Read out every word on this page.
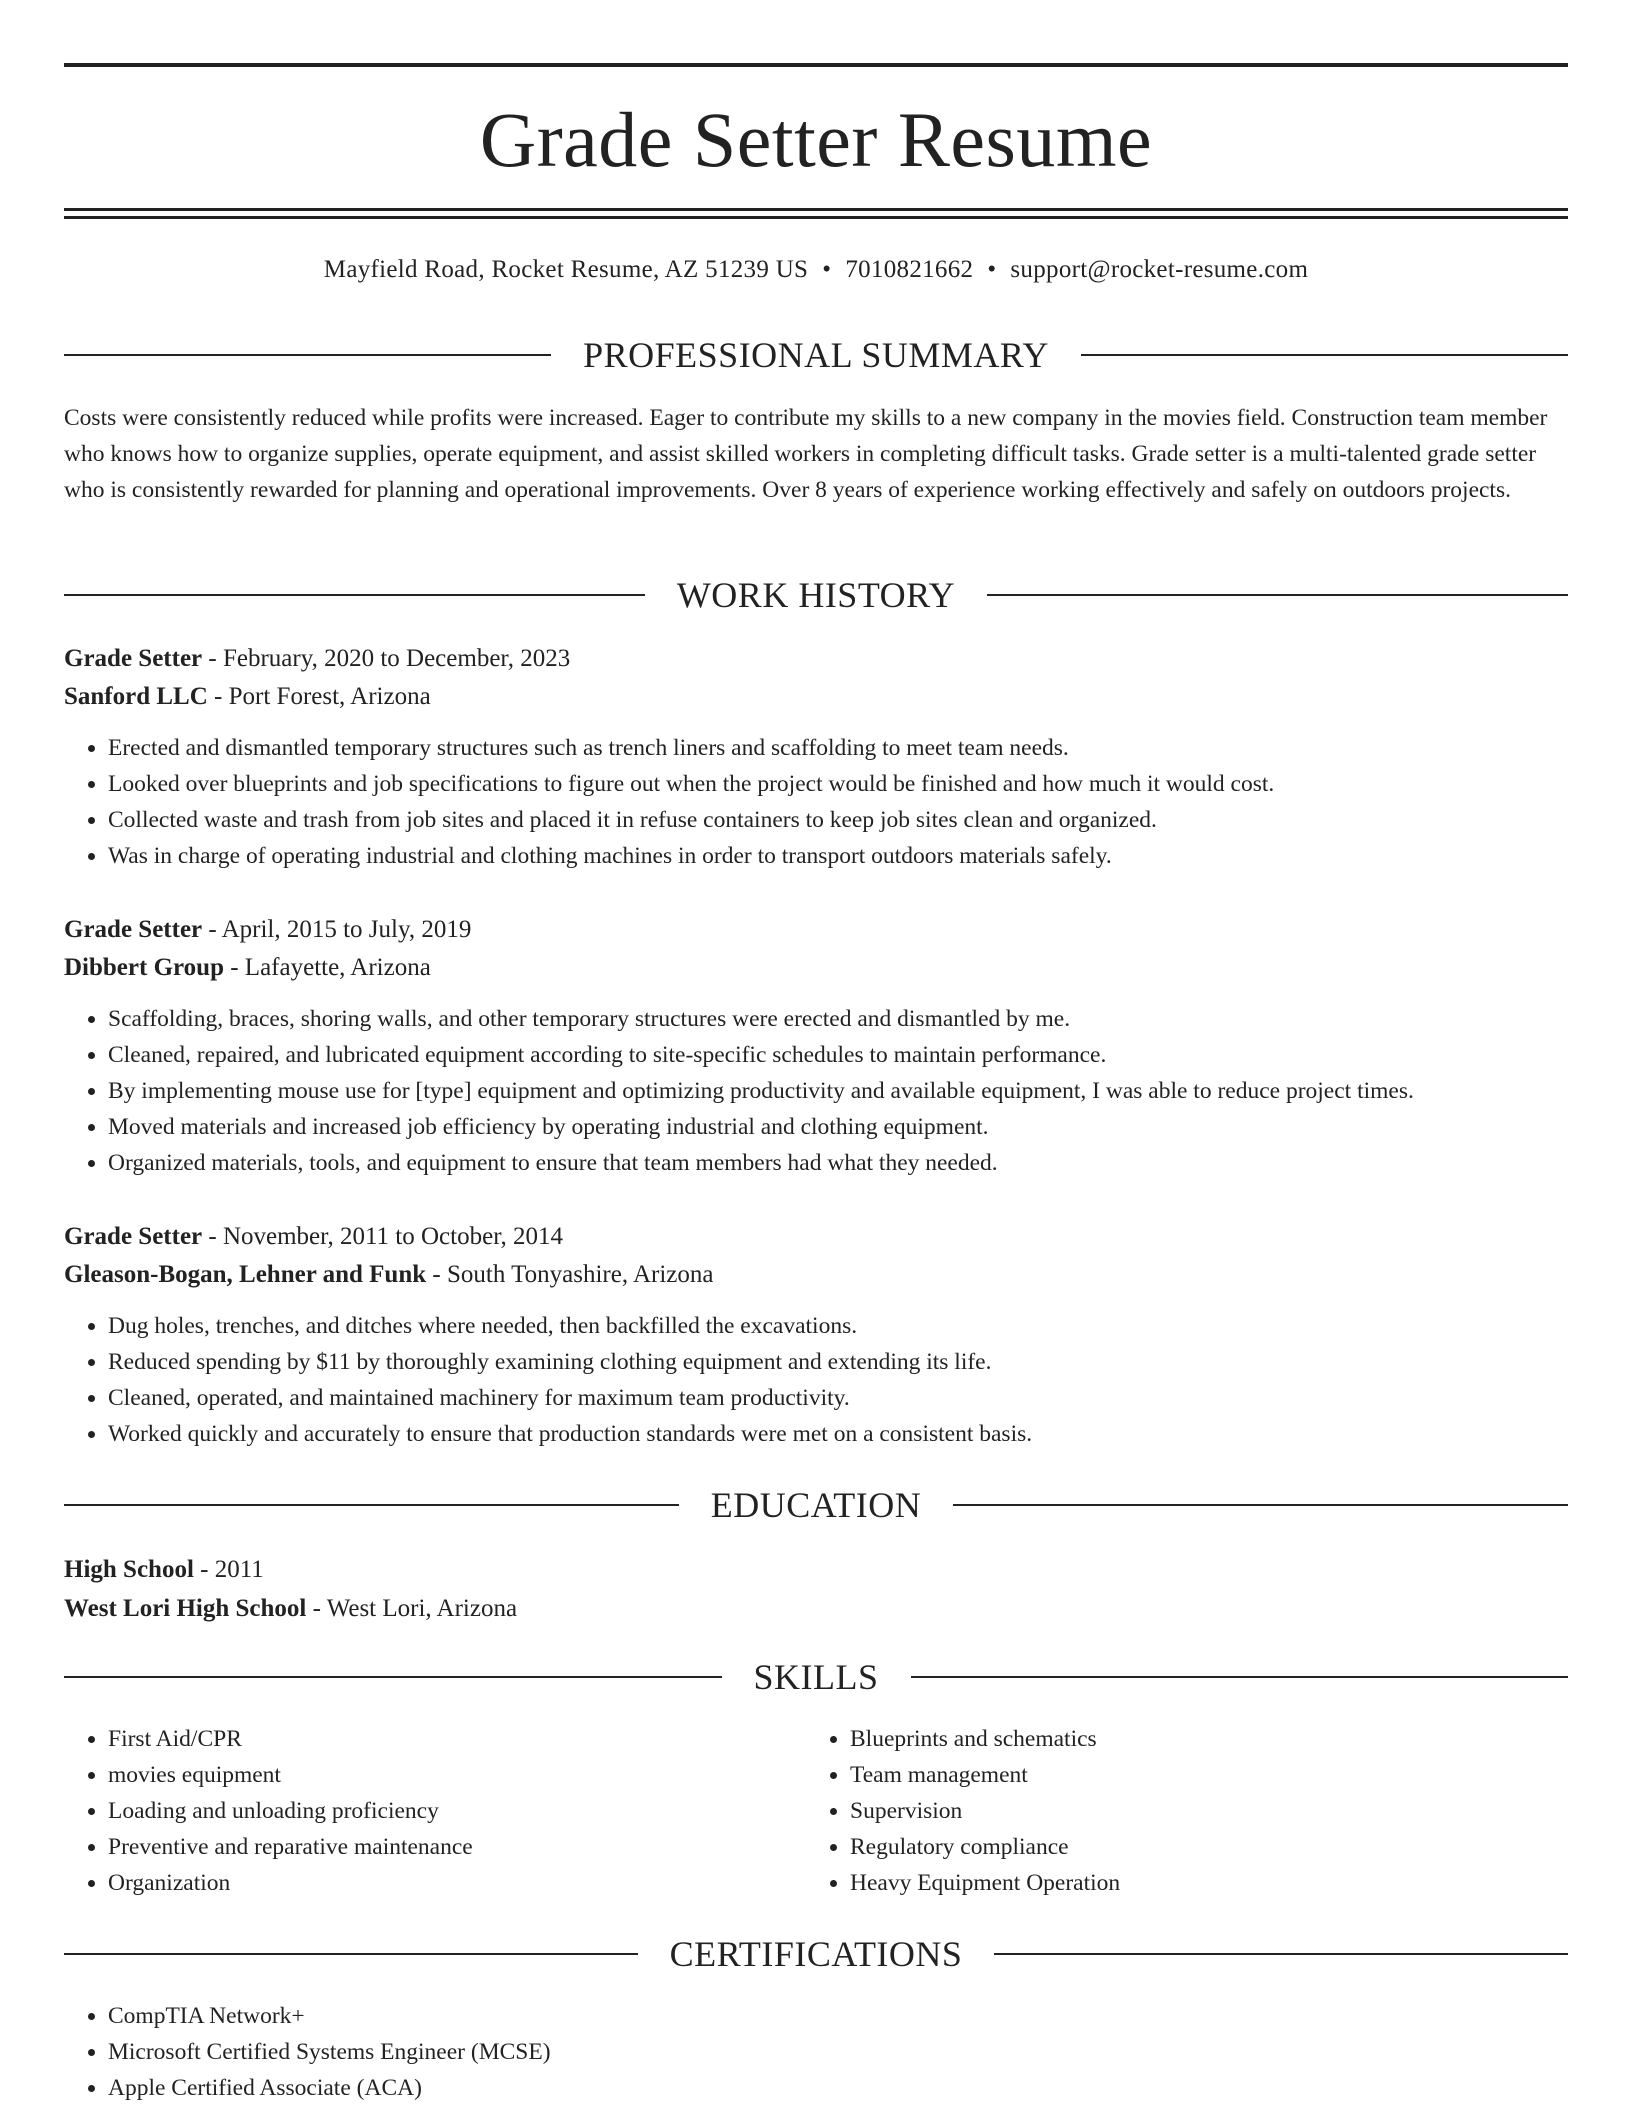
Grade Setter Resume
Mayfield Road, Rocket Resume, AZ 51239 US • 7010821662 • support@rocket-resume.com
PROFESSIONAL SUMMARY

Costs were consistently reduced while profits were increased. Eager to contribute my skills to a new company in the movies field. Construction team member who knows how to organize supplies, operate equipment, and assist skilled workers in completing difficult tasks. Grade setter is a multi-talented grade setter who is consistently rewarded for planning and operational improvements. Over 8 years of experience working effectively and safely on outdoors projects.

WORK HISTORY

Grade Setter - February, 2020 to December, 2023

Sanford LLC - Port Forest, Arizona

• Erected and dismantled temporary structures such as trench liners and scaffolding to meet team needs.
• Looked over blueprints and job specifications to figure out when the project would be finished and how much it would cost.
• Collected waste and trash from job sites and placed it in refuse containers to keep job sites clean and organized.
• Was in charge of operating industrial and clothing machines in order to transport outdoors materials safely.

Grade Setter - April, 2015 to July, 2019

Dibbert Group - Lafayette, Arizona

• Scaffolding, braces, shoring walls, and other temporary structures were erected and dismantled by me.
• Cleaned, repaired, and lubricated equipment according to site-specific schedules to maintain performance.
• By implementing mouse use for [type] equipment and optimizing productivity and available equipment, I was able to reduce project times.
• Moved materials and increased job efficiency by operating industrial and clothing equipment.
• Organized materials, tools, and equipment to ensure that team members had what they needed.

Grade Setter - November, 2011 to October, 2014

Gleason-Bogan, Lehner and Funk - South Tonyashire, Arizona

• Dug holes, trenches, and ditches where needed, then backfilled the excavations.
• Reduced spending by $11 by thoroughly examining clothing equipment and extending its life.
• Cleaned, operated, and maintained machinery for maximum team productivity.
• Worked quickly and accurately to ensure that production standards were met on a consistent basis.
EDUCATION

High School - 2011

West Lori High School - West Lori, Arizona

SKILLS
• First Aid/CPR
• movies equipment
• Loading and unloading proficiency
• Preventive and reparative maintenance
• Organization
• Blueprints and schematics
• Team management
• Supervision
• Regulatory compliance
• Heavy Equipment Operation
CERTIFICATIONS
• CompTIA Network+
• Microsoft Certified Systems Engineer (MCSE)
• Apple Certified Associate (ACA)
